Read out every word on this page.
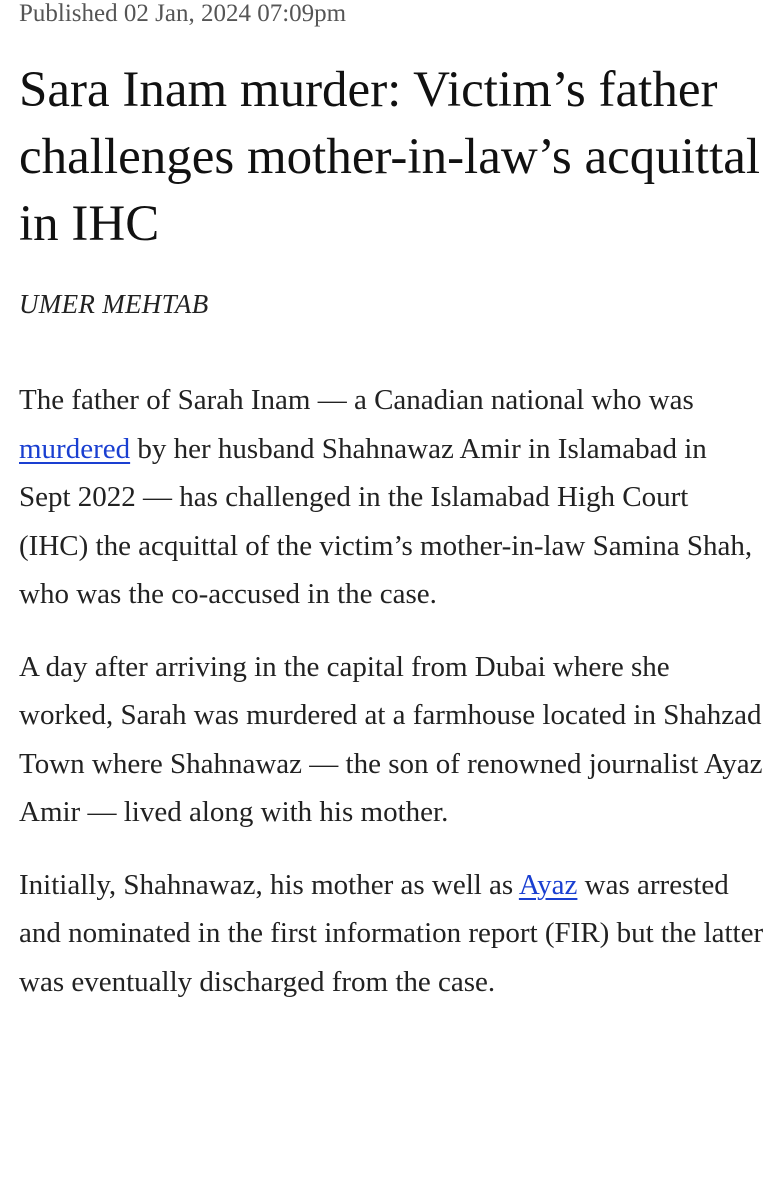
Published 02 Jan, 2024 07:09pm
Sara Inam murder: Victim’s father challenges mother-in-law’s acquittal in IHC
UMER MEHTAB

The father of Sarah Inam — a Canadian national who was murdered by her husband Shahnawaz Amir in Islamabad in Sept 2022 — has challenged in the Islamabad High Court (IHC) the acquittal of the victim’s mother-in-law Samina Shah, who was the co-accused in the case.

A day after arriving in the capital from Dubai where she worked, Sarah was murdered at a farmhouse located in Shahzad Town where Shahnawaz — the son of renowned journalist Ayaz Amir — lived along with his mother.

Initially, Shahnawaz, his mother as well as Ayaz was arrested and nominated in the first information report (FIR) but the latter was eventually discharged from the case.
